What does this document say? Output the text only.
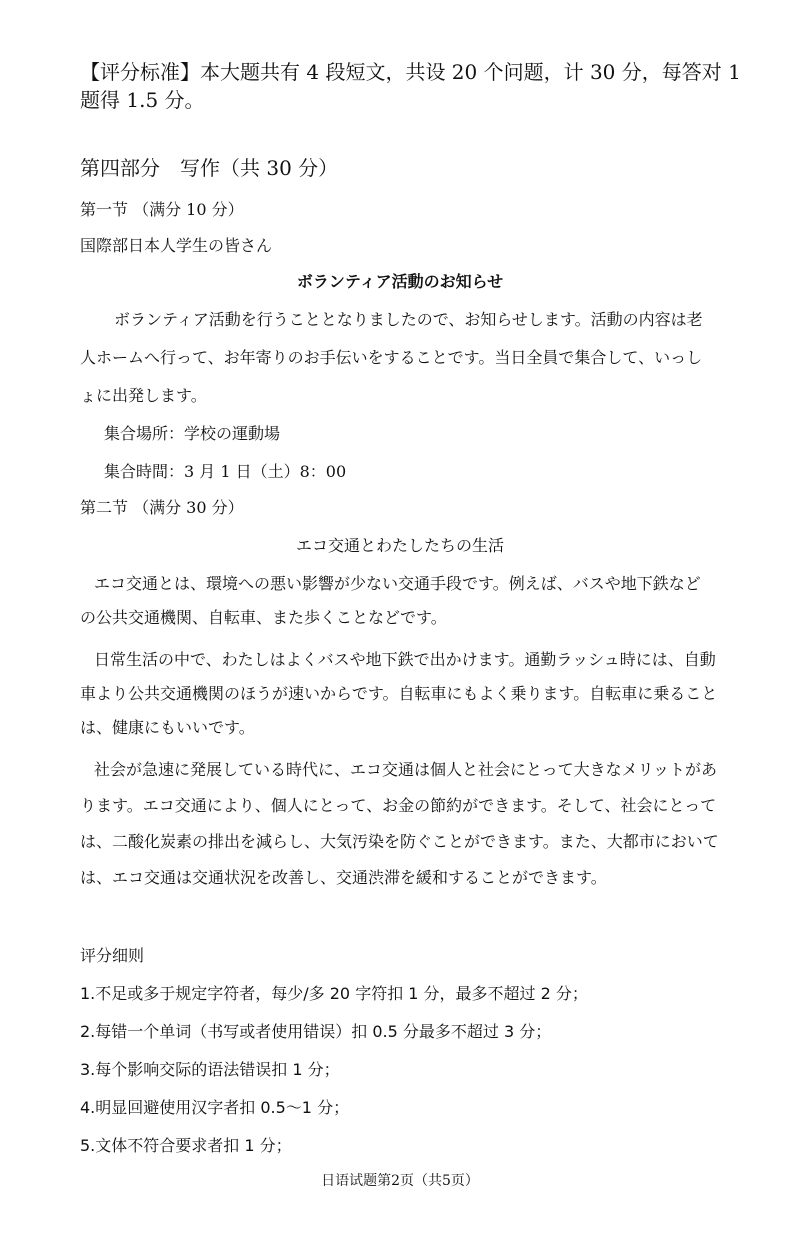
【评分标准】本大题共有 4 段短文，共设 20 个问题，计 30 分，每答对 1

题得 1.5 分。

第四部分　写作（共 30 分）

第一节 （满分 10 分）

国際部日本人学生の皆さん

ボランティア活動のお知らせ

ボランティア活動を行うこととなりましたので、お知らせします。活動の内容は老

人ホームへ行って、お年寄りのお手伝いをすることです。当日全員で集合して、いっし

ょに出発します。

集合場所：学校の運動場

集合時間：3 月 1 日（土）8：00

第二节 （满分 30 分）

エコ交通とわたしたちの生活

エコ交通とは、環境への悪い影響が少ない交通手段です。例えば、バスや地下鉄など

の公共交通機関、自転車、また歩くことなどです。

日常生活の中で、わたしはよくバスや地下鉄で出かけます。通勤ラッシュ時には、自動

車より公共交通機関のほうが速いからです。自転車にもよく乗ります。自転車に乗ること

は、健康にもいいです。

社会が急速に発展している時代に、エコ交通は個人と社会にとって大きなメリットがあ

ります。エコ交通により、個人にとって、お金の節約ができます。そして、社会にとって

は、二酸化炭素の排出を減らし、大気汚染を防ぐことができます。また、大都市において

は、エコ交通は交通状況を改善し、交通渋滞を緩和することができます。

评分细则

1.不足或多于规定字符者，每少/多 20 字符扣 1 分，最多不超过 2 分；

2.每错一个单词（书写或者使用错误）扣 0.5 分最多不超过 3 分；

3.每个影响交际的语法错误扣 1 分；

4.明显回避使用汉字者扣 0.5～1 分；

5.文体不符合要求者扣 1 分；

日语试题第2页（共5页）
